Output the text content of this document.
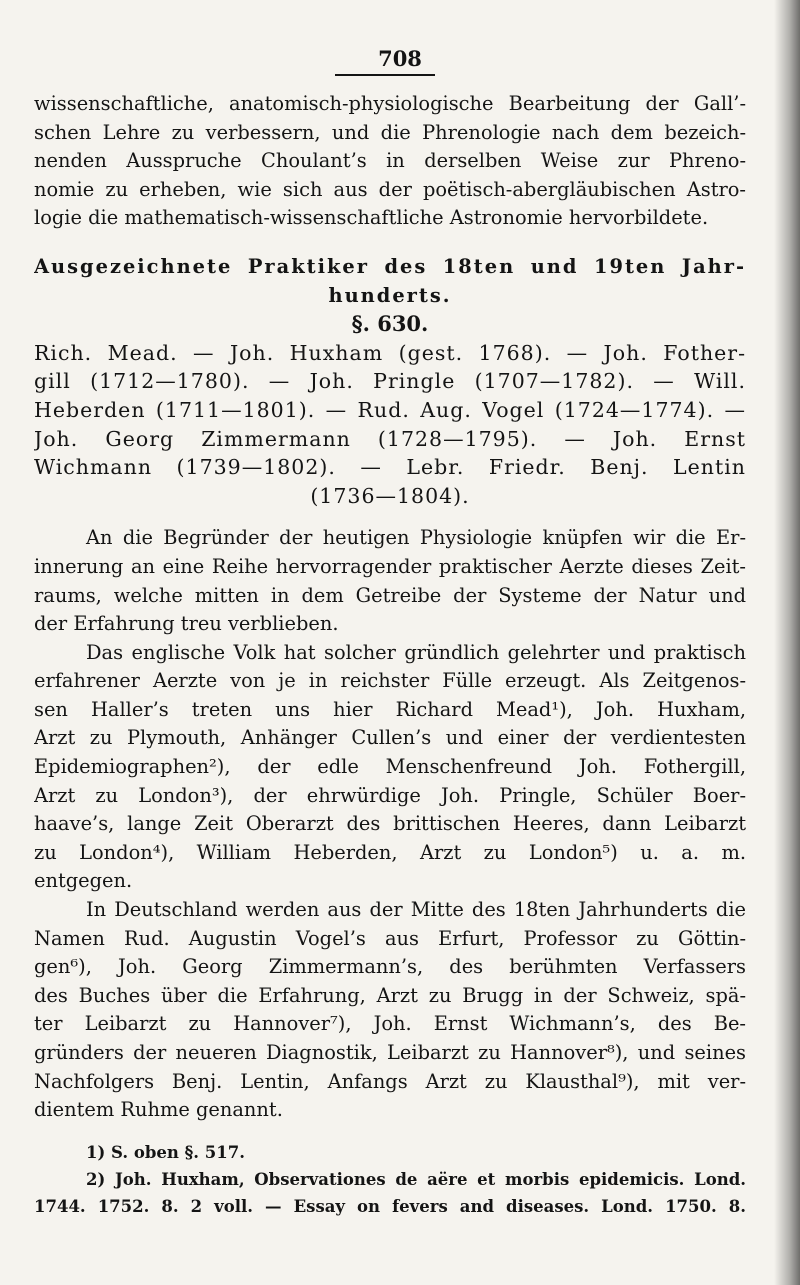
708
wissenschaftliche, anatomisch-physiologische Bearbeitung der Gall’-
schen Lehre zu verbessern, und die Phrenologie nach dem bezeich-
nenden Ausspruche Choulant’s in derselben Weise zur Phreno-
nomie zu erheben, wie sich aus der poëtisch-abergläubischen Astro-
logie die mathematisch-wissenschaftliche Astronomie hervorbildete.
Ausgezeichnete Praktiker des 18ten und 19ten Jahr-
hunderts.
§. 630.
Rich. Mead. — Joh. Huxham (gest. 1768). — Joh. Fother-
gill (1712—1780). — Joh. Pringle (1707—1782). — Will.
Heberden (1711—1801). — Rud. Aug. Vogel (1724—1774). —
Joh. Georg Zimmermann (1728—1795). — Joh. Ernst
Wichmann (1739—1802). — Lebr. Friedr. Benj. Lentin
(1736—1804).
An die Begründer der heutigen Physiologie knüpfen wir die Er-
innerung an eine Reihe hervorragender praktischer Aerzte dieses Zeit-
raums, welche mitten in dem Getreibe der Systeme der Natur und
der Erfahrung treu verblieben.
Das englische Volk hat solcher gründlich gelehrter und praktisch
erfahrener Aerzte von je in reichster Fülle erzeugt. Als Zeitgenos-
sen Haller’s treten uns hier Richard Mead¹), Joh. Huxham,
Arzt zu Plymouth, Anhänger Cullen’s und einer der verdientesten
Epidemiographen²), der edle Menschenfreund Joh. Fothergill,
Arzt zu London³), der ehrwürdige Joh. Pringle, Schüler Boer-
haave’s, lange Zeit Oberarzt des brittischen Heeres, dann Leibarzt
zu London⁴), William Heberden, Arzt zu London⁵) u. a. m.
entgegen.
In Deutschland werden aus der Mitte des 18ten Jahrhunderts die
Namen Rud. Augustin Vogel’s aus Erfurt, Professor zu Göttin-
gen⁶), Joh. Georg Zimmermann’s, des berühmten Verfassers
des Buches über die Erfahrung, Arzt zu Brugg in der Schweiz, spä-
ter Leibarzt zu Hannover⁷), Joh. Ernst Wichmann’s, des Be-
gründers der neueren Diagnostik, Leibarzt zu Hannover⁸), und seines
Nachfolgers Benj. Lentin, Anfangs Arzt zu Klausthal⁹), mit ver-
dientem Ruhme genannt.
1) S. oben §. 517.
2) Joh. Huxham, Observationes de aëre et morbis epidemicis. Lond.
1744. 1752. 8. 2 voll. — Essay on fevers and diseases. Lond. 1750. 8.
